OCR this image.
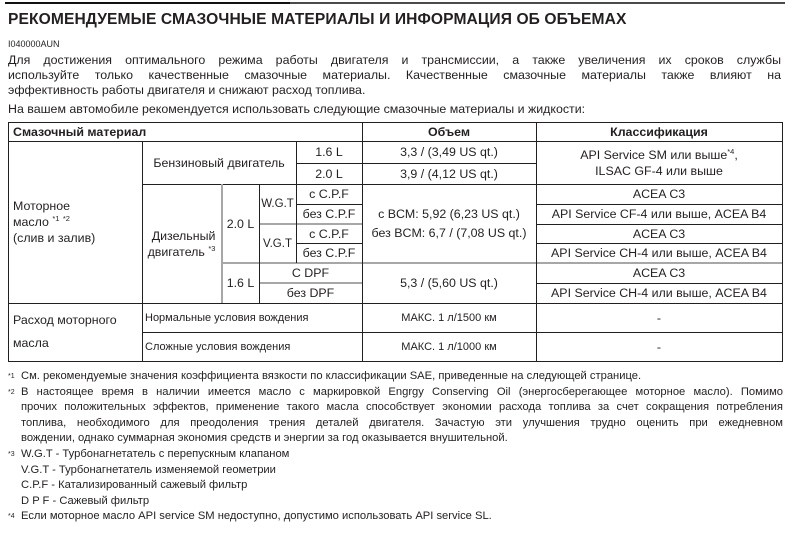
РЕКОМЕНДУЕМЫЕ СМАЗОЧНЫЕ МАТЕРИАЛЫ И ИНФОРМАЦИЯ ОБ ОБЪЕМАХ
I040000AUN
Для достижения оптимального режима работы двигателя и трансмиссии, а также увеличения их сроков службы
используйте только качественные смазочные материалы. Качественные смазочные материалы также влияют на
эффективность работы двигателя и снижают расход топлива.
На вашем автомобиле рекомендуется использовать следующие смазочные материалы и жидкости:
Смазочный материал	Объем	Классификация
Моторное
масло $^{*1}$ $^{*2}$
(слив и залив)
Бензиновый двигатель
1.6 L
2.0 L
3,3 / (3,49 US qt.)
3,9 / (4,12 US qt.)
API Service SM или выше$^{*4}$,
ILSAC GF-4 или выше
Дизельный
двигатель $^{*3}$
2.0 L
1.6 L
W.G.T
V.G.T
с C.P.F
без C.P.F
с C.P.F
без C.P.F
С DPF
без DPF
с BCM: 5,92 (6,23 US qt.)
без BCM: 6,7 / (7,08 US qt.)
5,3 / (5,60 US qt.)
ACEA C3
API Service CF-4 или выше, ACEA B4
ACEA C3
API Service CH-4 или выше, ACEA B4
ACEA C3
API Service CH-4 или выше, ACEA B4
Расход моторного
масла
Нормальные условия вождения
Сложные условия вождения
МАКС. 1 л/1500 км
МАКС. 1 л/1000 км
-
-
$^{*1}$ См. рекомендуемые значения коэффициента вязкости по классификации SAE, приведенные на следующей странице.
$^{*2}$ В настоящее время в наличии имеется масло с маркировкой Engrgy Conserving Oil (энергосберегающее моторное масло). Помимо
прочих положительных эффектов, применение такого масла способствует экономии расхода топлива за счет сокращения потребления
топлива, необходимого для преодоления трения деталей двигателя. Зачастую эти улучшения трудно оценить при ежедневном
вождении, однако суммарная экономия средств и энергии за год оказывается внушительной.
$^{*3}$ W.G.T - Турбонагнетатель с перепускным клапаном
V.G.T - Турбонагнетатель изменяемой геометрии
C.P.F - Катализированный сажевый фильтр
D P F - Сажевый фильтр
$^{*4}$ Если моторное масло API service SM недоступно, допустимо использовать API service SL.
